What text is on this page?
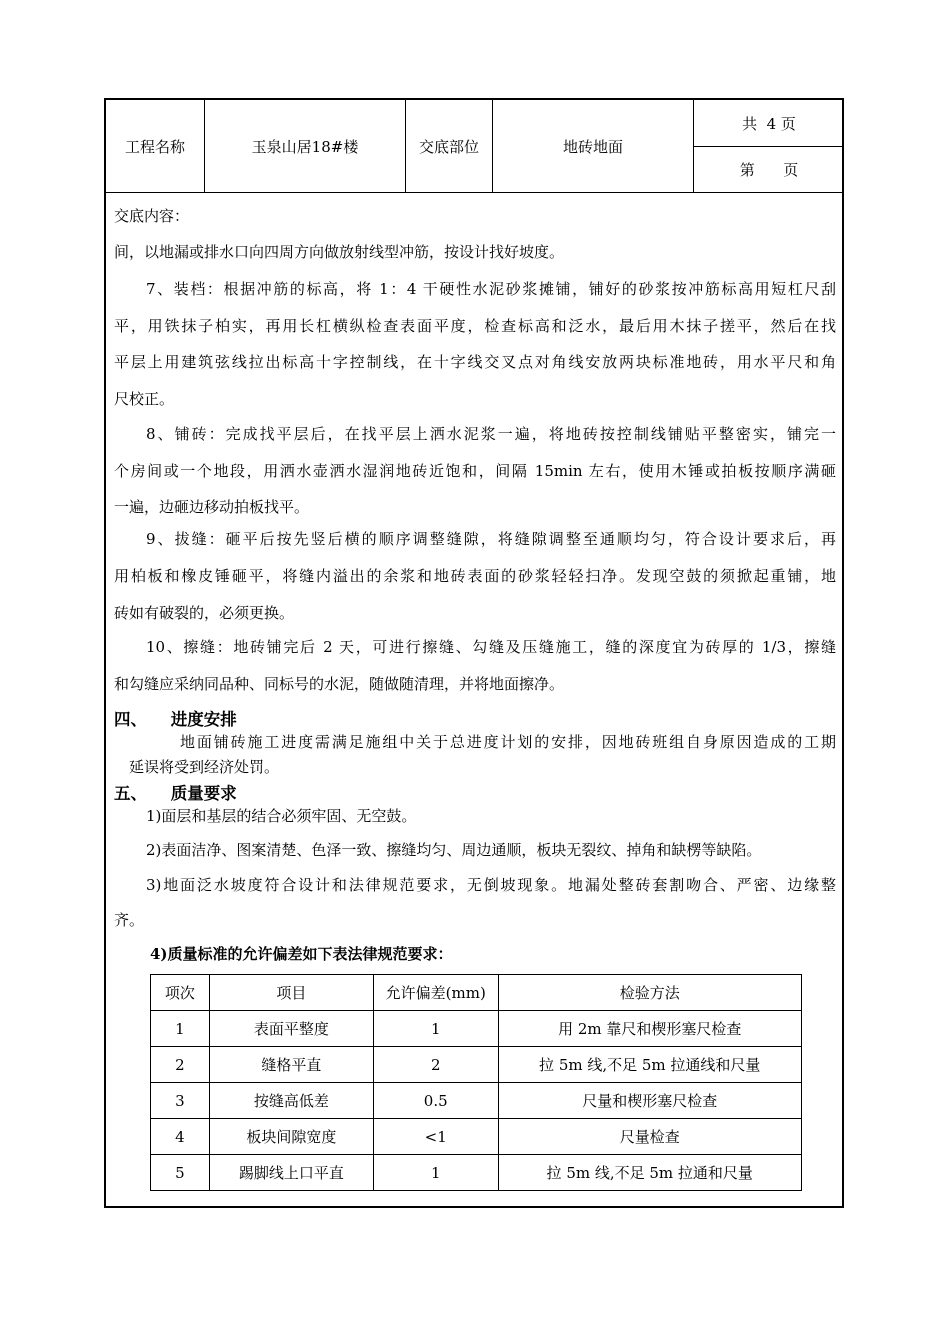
工程名称	玉泉山居18#楼	交底部位	地砖地面
共  4 页
第      页
交底内容：
间，以地漏或排水口向四周方向做放射线型冲筋，按设计找好坡度。
7、装档：根据冲筋的标高，将 1：4 干硬性水泥砂浆摊铺，铺好的砂浆按冲筋标高用短杠尺刮
平，用铁抹子柏实，再用长杠横纵检查表面平度，检查标高和泛水，最后用木抹子搓平，然后在找
平层上用建筑弦线拉出标高十字控制线，在十字线交叉点对角线安放两块标准地砖，用水平尺和角
尺校正。
8、铺砖：完成找平层后，在找平层上洒水泥浆一遍，将地砖按控制线铺贴平整密实，铺完一
个房间或一个地段，用洒水壶洒水湿润地砖近饱和，间隔 15min 左右，使用木锤或拍板按顺序满砸
一遍，边砸边移动拍板找平。
9、拔缝：砸平后按先竖后横的顺序调整缝隙，将缝隙调整至通顺均匀，符合设计要求后，再
用柏板和橡皮锤砸平，将缝内溢出的余浆和地砖表面的砂浆轻轻扫净。发现空鼓的须掀起重铺，地
砖如有破裂的，必须更换。
10、擦缝：地砖铺完后 2 天，可进行擦缝、勾缝及压缝施工，缝的深度宜为砖厚的 1/3，擦缝
和勾缝应采纳同品种、同标号的水泥，随做随清理，并将地面擦净。
四、 进度安排
地面铺砖施工进度需满足施组中关于总进度计划的安排，因地砖班组自身原因造成的工期
延误将受到经济处罚。
五、 质量要求
1)面层和基层的结合必须牢固、无空鼓。
2)表面洁净、图案清楚、色泽一致、擦缝均匀、周边通顺，板块无裂纹、掉角和缺楞等缺陷。
3)地面泛水坡度符合设计和法律规范要求，无倒坡现象。地漏处整砖套割吻合、严密、边缘整
齐。
4)质量标准的允许偏差如下表法律规范要求：
项次	项目	允许偏差(mm)	检验方法
1	表面平整度	1	用 2m 靠尺和楔形塞尺检查
2	缝格平直	2	拉 5m 线,不足 5m 拉通线和尺量
3	按缝高低差	0.5	尺量和楔形塞尺检查
4	板块间隙宽度	<1	尺量检查
5	踢脚线上口平直	1	拉 5m 线,不足 5m 拉通和尺量
